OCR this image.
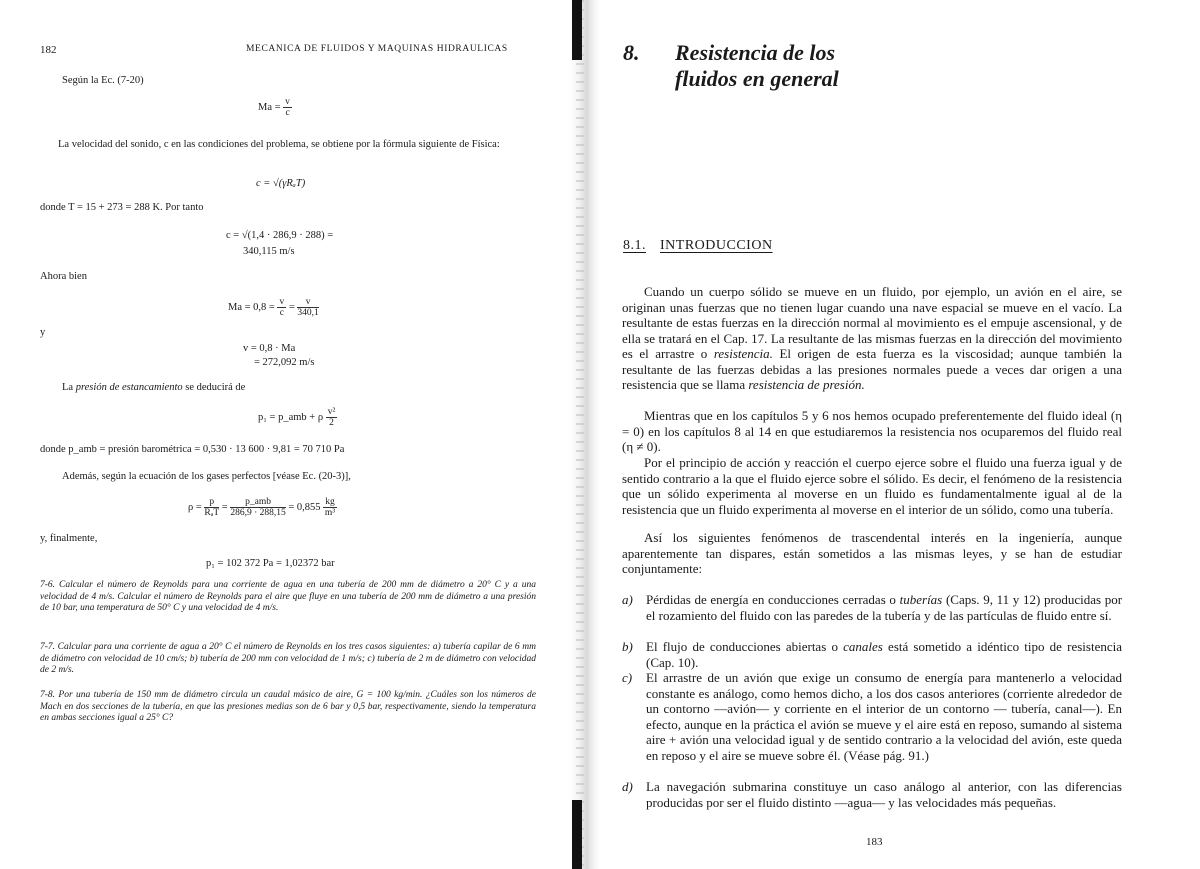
182	MECANICA DE FLUIDOS Y MAQUINAS HIDRAULICAS
Según la Ec. (7-20)
$Ma = \frac{v}{c}$

La velocidad del sonido, c en las condiciones del problema, se obtiene por la fórmula siguiente de Física:

c = √(γRₐT)
donde T = 15 + 273 = 288 K. Por tanto
c = √(1,4 · 286,9 · 288) =
340,115 m/s
Ahora bien
$Ma = 0,8 = \frac{v}{c} = \frac{v}{340,1}$
y
v = 0,8 · Ma
= 272,092 m/s
La presión de estancamiento se deducirá de
p₁ = p_amb + ρ $\frac{\text{v²}}{2}$
donde p_amb = presión barométrica = 0,530 · 13 600 · 9,81 = 70 710 Pa
Además, según la ecuación de los gases perfectos [véase Ec. (20-3)],
$\rho = \frac{p}{\text{RₐT}} = \frac{\text{p\_amb}}{286,9 \cdot 288,15} = 0,855 \frac{kg}{\text{m³}}$
y, finalmente,
p₁ = 102 372 Pa = 1,02372 bar

7-6. Calcular el número de Reynolds para una corriente de agua en una tubería de 200 mm de diámetro a 20° C y a una velocidad de 4 m/s. Calcular el número de Reynolds para el aire que fluye en una tubería de 200 mm de diámetro a una presión de 10 bar, una temperatura de 50° C y una velocidad de 4 m/s.

7-7. Calcular para una corriente de agua a 20° C el número de Reynolds en los tres casos siguientes: a) tubería capilar de 6 mm de diámetro con velocidad de 10 cm/s; b) tubería de 200 mm con velocidad de 1 m/s; c) tubería de 2 m de diámetro con velocidad de 2 m/s.

7-8. Por una tubería de 150 mm de diámetro circula un caudal másico de aire, G = 100 kg/min. ¿Cuáles son los números de Mach en dos secciones de la tubería, en que las presiones medias son de 6 bar y 0,5 bar, respectivamente, siendo la temperatura en ambas secciones igual a 25° C?

8. Resistencia de los
fluidos en general
8.1. INTRODUCCION

Cuando un cuerpo sólido se mueve en un fluido, por ejemplo, un avión en el aire, se originan unas fuerzas que no tienen lugar cuando una nave espacial se mueve en el vacío. La resultante de estas fuerzas en la dirección normal al movimiento es el empuje ascensional, y de ella se tratará en el Cap. 17. La resultante de las mismas fuerzas en la dirección del movimiento es el arrastre o resistencia. El origen de esta fuerza es la viscosidad; aunque también la resultante de las fuerzas debidas a las presiones normales puede a veces dar origen a una resistencia que se llama resistencia de presión.

Mientras que en los capítulos 5 y 6 nos hemos ocupado preferentemente del fluido ideal (η = 0) en los capítulos 8 al 14 en que estudiaremos la resistencia nos ocuparemos del fluido real (η ≠ 0).

Por el principio de acción y reacción el cuerpo ejerce sobre el fluido una fuerza igual y de sentido contrario a la que el fluido ejerce sobre el sólido. Es decir, el fenómeno de la resistencia que un sólido experimenta al moverse en un fluido es fundamentalmente igual al de la resistencia que un fluido experimenta al moverse en el interior de un sólido, como una tubería.

Así los siguientes fenómenos de trascendental interés en la ingeniería, aunque aparentemente tan dispares, están sometidos a las mismas leyes, y se han de estudiar conjuntamente:

a) Pérdidas de energía en conducciones cerradas o tuberías (Caps. 9, 11 y 12) producidas por el rozamiento del fluido con las paredes de la tubería y de las partículas de fluido entre sí.
b) El flujo de conducciones abiertas o canales está sometido a idéntico tipo de resistencia (Cap. 10).
c) El arrastre de un avión que exige un consumo de energía para mantenerlo a velocidad constante es análogo, como hemos dicho, a los dos casos anteriores (corriente alrededor de un contorno —avión— y corriente en el interior de un contorno — tubería, canal—). En efecto, aunque en la práctica el avión se mueve y el aire está en reposo, sumando al sistema aire + avión una velocidad igual y de sentido contrario a la velocidad del avión, este queda en reposo y el aire se mueve sobre él. (Véase pág. 91.)
d) La navegación submarina constituye un caso análogo al anterior, con las diferencias producidas por ser el fluido distinto —agua— y las velocidades más pequeñas.
183
